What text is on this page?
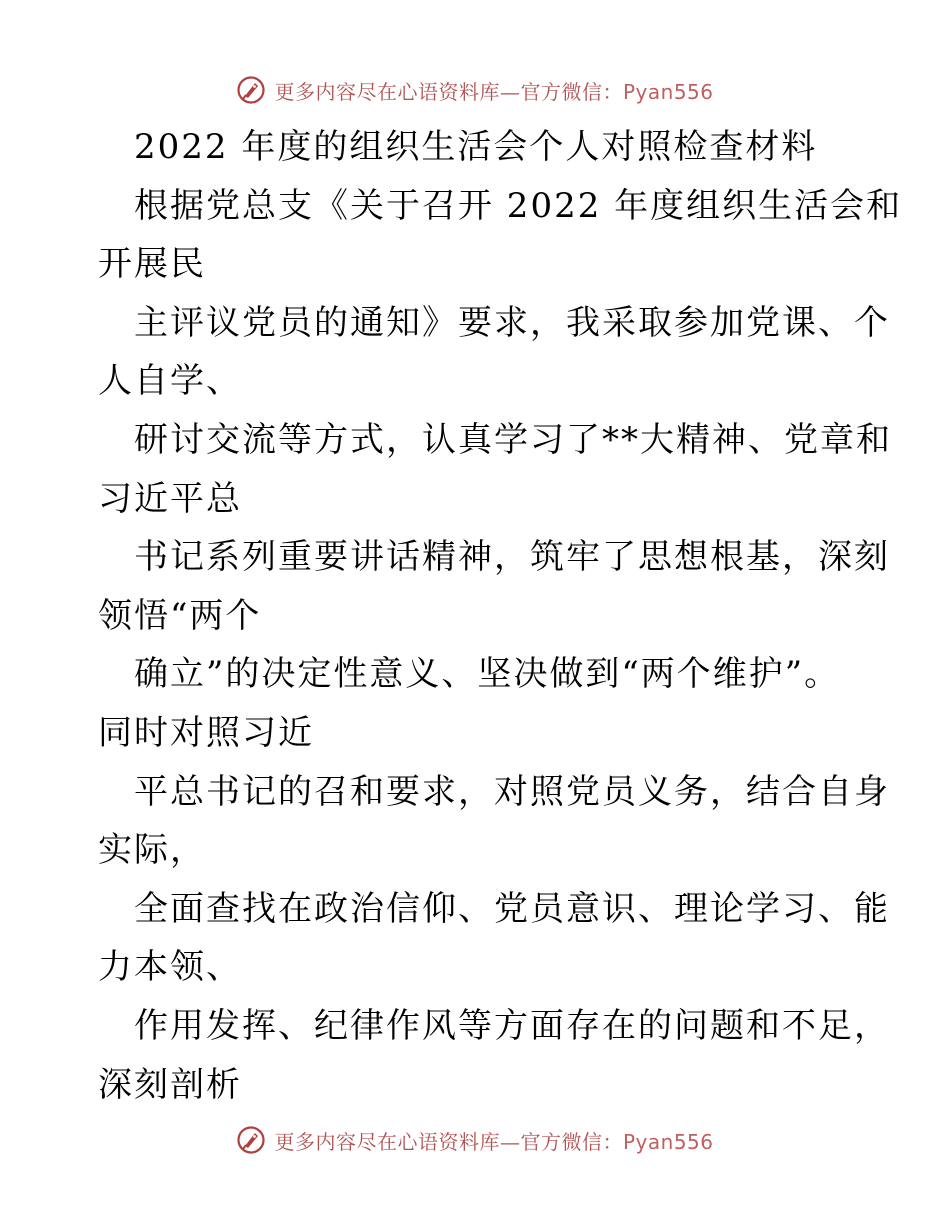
更多内容尽在心语资料库—官方微信：Pyan556
2022 年度的组织生活会个人对照检查材料
根据党总支《关于召开 2022 年度组织生活会和
开展民
主评议党员的通知》要求，我采取参加党课、个
人自学、
研讨交流等方式，认真学习了**大精神、党章和
习近平总
书记系列重要讲话精神，筑牢了思想根基，深刻
领悟“两个
确立”的决定性意义、坚决做到“两个维护”。
同时对照习近
平总书记的召和要求，对照党员义务，结合自身
实际，
全面查找在政治信仰、党员意识、理论学习、能
力本领、
作用发挥、纪律作风等方面存在的问题和不足，
深刻剖析
更多内容尽在心语资料库—官方微信：Pyan556
